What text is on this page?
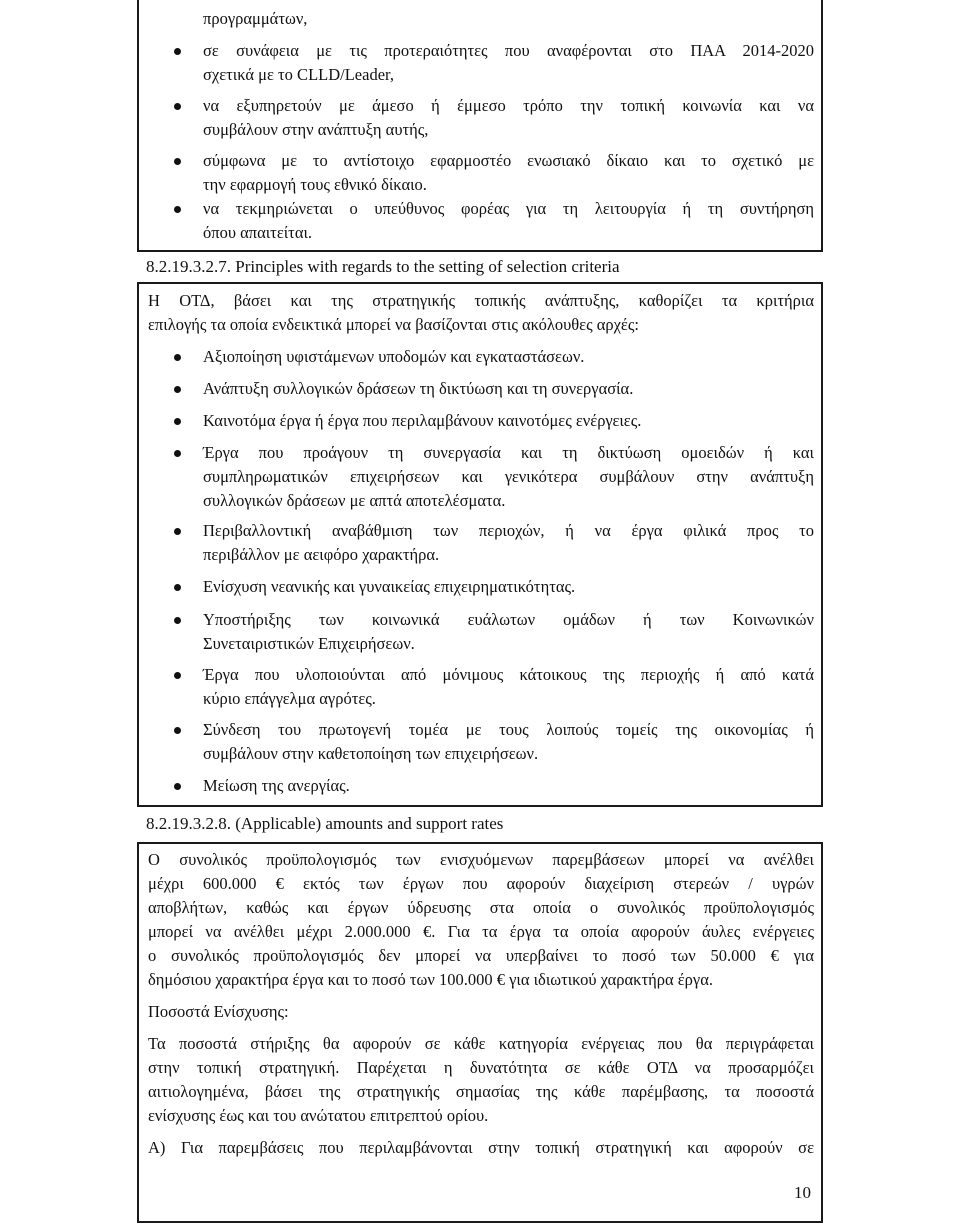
προγραμμάτων,

σε συνάφεια με τις προτεραιότητες που αναφέρονται στο ΠΑΑ 2014-2020

σχετικά με το CLLD/Leader,

να εξυπηρετούν με άμεσο ή έμμεσο τρόπο την τοπική κοινωνία και να

συμβάλουν στην ανάπτυξη αυτής,

σύμφωνα με το αντίστοιχο εφαρμοστέο ενωσιακό δίκαιο και το σχετικό με

την εφαρμογή τους εθνικό δίκαιο.

να τεκμηριώνεται ο υπεύθυνος φορέας για τη λειτουργία ή τη συντήρηση

όπου απαιτείται.

8.2.19.3.2.7. Principles with regards to the setting of selection criteria

Η ΟΤΔ, βάσει και της στρατηγικής τοπικής ανάπτυξης, καθορίζει τα κριτήρια

επιλογής τα οποία ενδεικτικά μπορεί να βασίζονται στις ακόλουθες αρχές:

Αξιοποίηση υφιστάμενων υποδομών και εγκαταστάσεων.

Ανάπτυξη συλλογικών δράσεων τη δικτύωση και τη συνεργασία.

Καινοτόμα έργα ή έργα που περιλαμβάνουν καινοτόμες ενέργειες.

Έργα που προάγουν τη συνεργασία και τη δικτύωση ομοειδών ή και

συμπληρωματικών επιχειρήσεων και γενικότερα συμβάλουν στην ανάπτυξη

συλλογικών δράσεων με απτά αποτελέσματα.

Περιβαλλοντική αναβάθμιση των περιοχών, ή να έργα φιλικά προς το

περιβάλλον με αειφόρο χαρακτήρα.

Ενίσχυση νεανικής και γυναικείας επιχειρηματικότητας.

Υποστήριξης των κοινωνικά ευάλωτων ομάδων ή των Κοινωνικών

Συνεταιριστικών Επιχειρήσεων.

Έργα που υλοποιούνται από μόνιμους κάτοικους της περιοχής ή από κατά

κύριο επάγγελμα αγρότες.

Σύνδεση του πρωτογενή τομέα με τους λοιπούς τομείς της οικονομίας ή

συμβάλουν στην καθετοποίηση των επιχειρήσεων.

Μείωση της ανεργίας.

8.2.19.3.2.8. (Applicable) amounts and support rates

Ο συνολικός προϋπολογισμός των ενισχυόμενων παρεμβάσεων μπορεί να ανέλθει

μέχρι 600.000 € εκτός των έργων που αφορούν διαχείριση στερεών / υγρών

αποβλήτων, καθώς και έργων ύδρευσης στα οποία ο συνολικός προϋπολογισμός

μπορεί να ανέλθει μέχρι 2.000.000 €. Για τα έργα τα οποία αφορούν άυλες ενέργειες

ο συνολικός προϋπολογισμός δεν μπορεί να υπερβαίνει το ποσό των 50.000 € για

δημόσιου χαρακτήρα έργα και το ποσό των 100.000 € για ιδιωτικού χαρακτήρα έργα.

Ποσοστά Ενίσχυσης:

Τα ποσοστά στήριξης θα αφορούν σε κάθε κατηγορία ενέργειας που θα περιγράφεται

στην τοπική στρατηγική. Παρέχεται η δυνατότητα σε κάθε ΟΤΔ να προσαρμόζει

αιτιολογημένα, βάσει της στρατηγικής σημασίας της κάθε παρέμβασης, τα ποσοστά

ενίσχυσης έως και του ανώτατου επιτρεπτού ορίου.

Α) Για παρεμβάσεις που περιλαμβάνονται στην τοπική στρατηγική και αφορούν σε

10
